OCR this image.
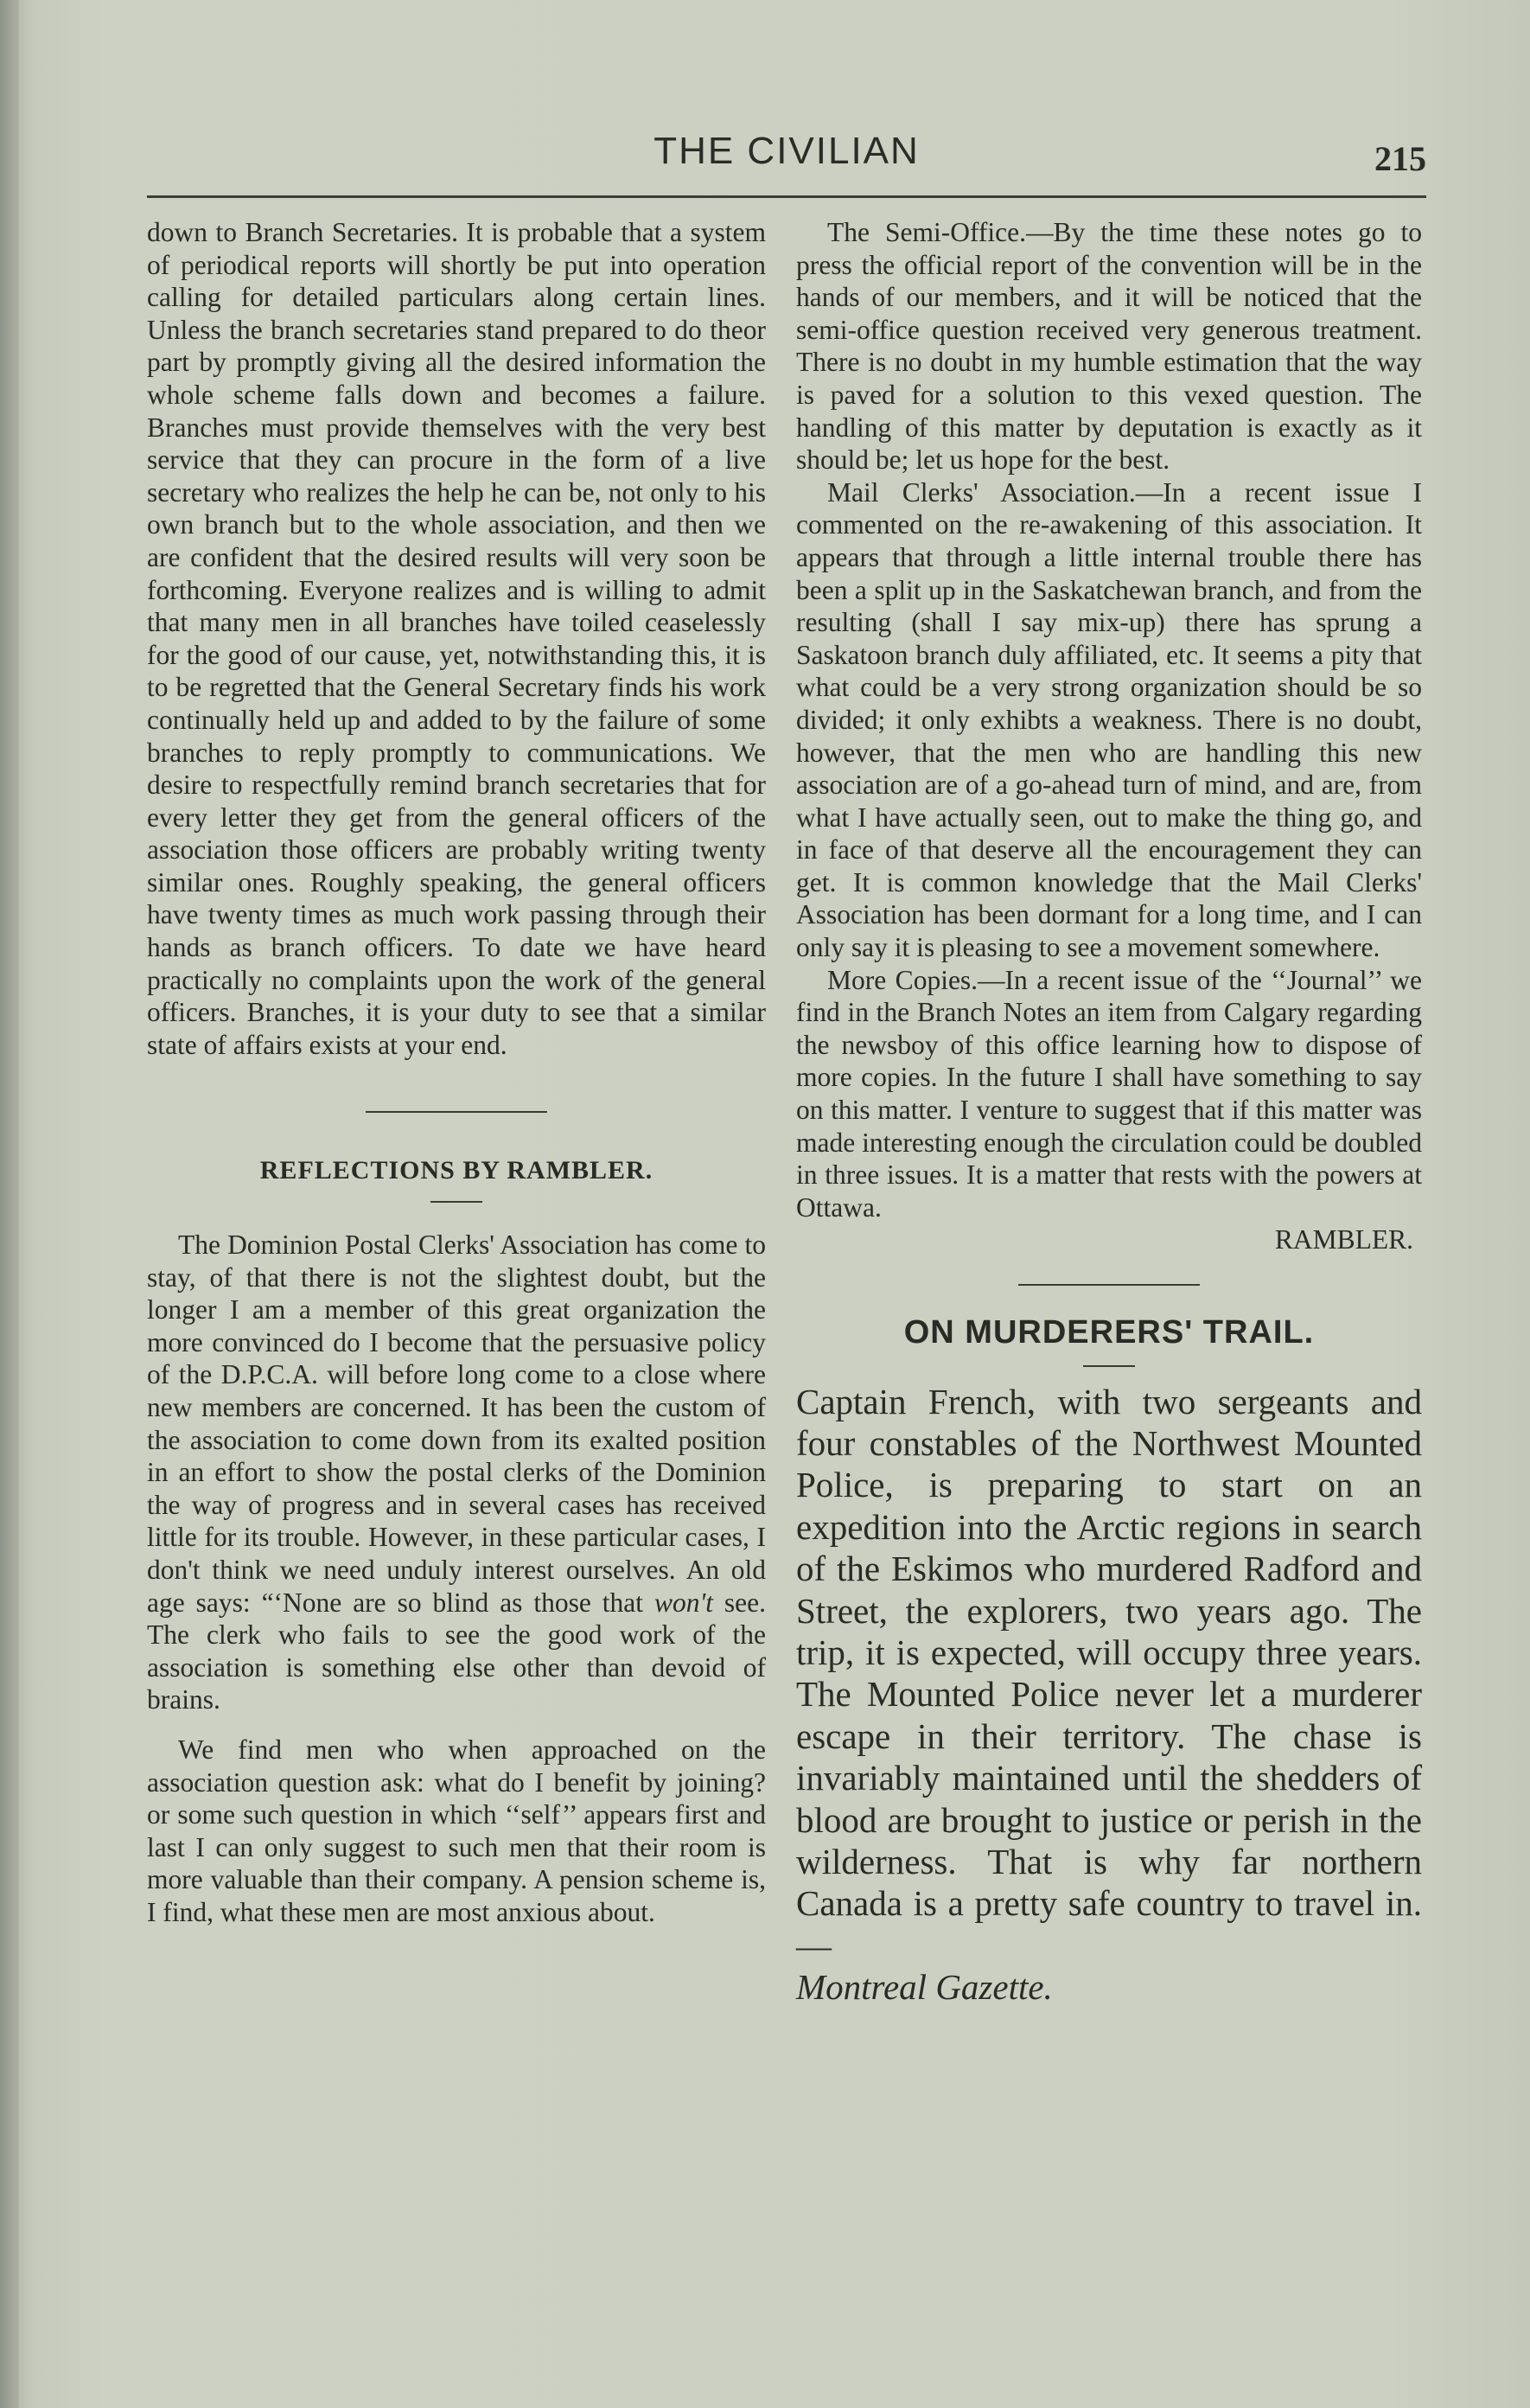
THE CIVILIAN	215

down to Branch Secretaries. It is probable that a system of periodical reports will shortly be put into operation calling for detailed particulars along certain lines. Unless the branch secretaries stand prepared to do theor part by promptly giving all the desired information the whole scheme falls down and becomes a failure. Branches must provide themselves with the very best service that they can procure in the form of a live secretary who realizes the help he can be, not only to his own branch but to the whole association, and then we are confident that the desired results will very soon be forthcoming. Everyone realizes and is willing to admit that many men in all branches have toiled ceaselessly for the good of our cause, yet, notwithstanding this, it is to be regretted that the General Secretary finds his work continually held up and added to by the failure of some branches to reply promptly to communications. We desire to respectfully remind branch secretaries that for every letter they get from the general officers of the association those officers are probably writing twenty similar ones. Roughly speaking, the general officers have twenty times as much work passing through their hands as branch officers. To date we have heard practically no complaints upon the work of the general officers. Branches, it is your duty to see that a similar state of affairs exists at your end.

REFLECTIONS BY RAMBLER.

The Dominion Postal Clerks' Association has come to stay, of that there is not the slightest doubt, but the longer I am a member of this great organization the more convinced do I become that the persuasive policy of the D.P.C.A. will before long come to a close where new members are concerned. It has been the custom of the association to come down from its exalted position in an effort to show the postal clerks of the Dominion the way of progress and in several cases has received little for its trouble. However, in these particular cases, I don't think we need unduly interest ourselves. An old age says: “‘None are so blind as those that won't see. The clerk who fails to see the good work of the association is something else other than devoid of brains.

We find men who when approached on the association question ask: what do I benefit by joining? or some such question in which ‘‘self’’ appears first and last I can only suggest to such men that their room is more valuable than their company. A pension scheme is, I find, what these men are most anxious about.

The Semi-Office.—By the time these notes go to press the official report of the convention will be in the hands of our members, and it will be noticed that the semi-office question received very generous treatment. There is no doubt in my humble estimation that the way is paved for a solution to this vexed question. The handling of this matter by deputation is exactly as it should be; let us hope for the best.

Mail Clerks' Association.—In a recent issue I commented on the re-awakening of this association. It appears that through a little internal trouble there has been a split up in the Saskatchewan branch, and from the resulting (shall I say mix-up) there has sprung a Saskatoon branch duly affiliated, etc. It seems a pity that what could be a very strong organization should be so divided; it only exhibts a weakness. There is no doubt, however, that the men who are handling this new association are of a go-ahead turn of mind, and are, from what I have actually seen, out to make the thing go, and in face of that deserve all the encouragement they can get. It is common knowledge that the Mail Clerks' Association has been dormant for a long time, and I can only say it is pleasing to see a movement somewhere.

More Copies.—In a recent issue of the ‘‘Journal’’ we find in the Branch Notes an item from Calgary regarding the newsboy of this office learning how to dispose of more copies. In the future I shall have something to say on this matter. I venture to suggest that if this matter was made interesting enough the circulation could be doubled in three issues. It is a matter that rests with the powers at Ottawa.

RAMBLER.

ON MURDERERS' TRAIL.

Captain French, with two sergeants and four constables of the Northwest Mounted Police, is preparing to start on an expedition into the Arctic regions in search of the Eskimos who murdered Radford and Street, the explorers, two years ago. The trip, it is expected, will occupy three years. The Mounted Police never let a murderer escape in their territory. The chase is invariably maintained until the shedders of blood are brought to justice or perish in the wilderness. That is why far northern Canada is a pretty safe country to travel in.—
Montreal Gazette.
